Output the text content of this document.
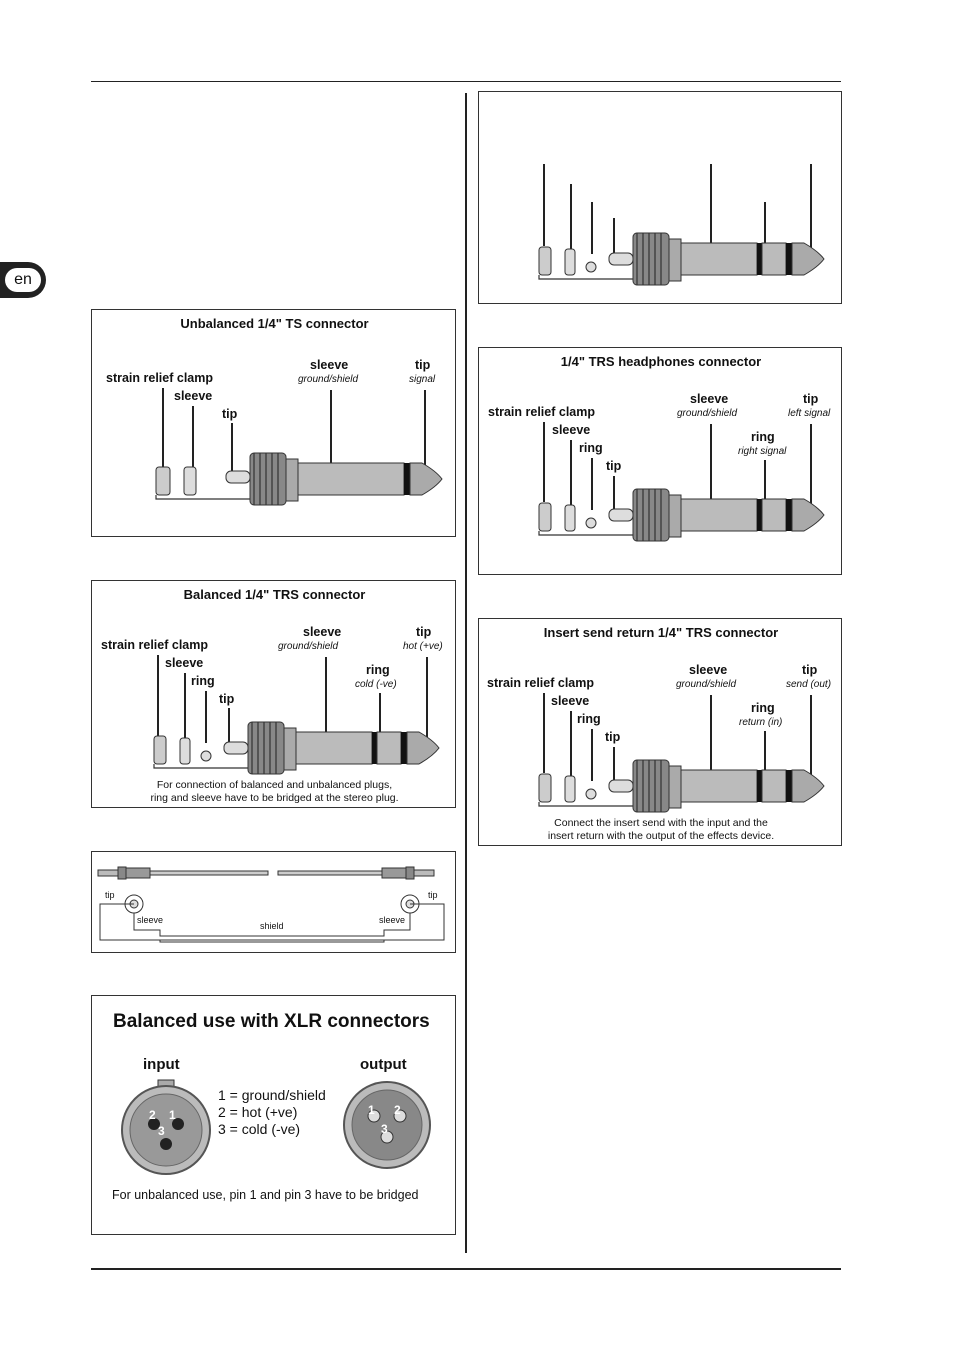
en
Unbalanced 1/4" TS connector
strain relief clamp
sleeve
tip
sleeve
ground/shield
tip
signal
Balanced 1/4" TRS connector
strain relief clamp
sleeve
ring
tip
sleeve
ground/shield
tip
hot (+ve)
ring
cold (-ve)
For connection of balanced and unbalanced plugs,
ring and sleeve have to be bridged at the stereo plug.
tip	tip
sleeve	sleeve
shield
Balanced use with XLR connectors
input	output
2 1
3
1 2
3
1 = ground/shield
2 = hot (+ve)
3 = cold (-ve)
For unbalanced use, pin 1 and pin 3 have to be bridged
1/4" TRS headphones connector
strain relief clamp
sleeve
ring
tip
sleeve
ground/shield
tip
left signal
ring
right signal
Insert send return 1/4" TRS connector
strain relief clamp
sleeve
ring
tip
sleeve
ground/shield
tip
send (out)
ring
return (in)
Connect the insert send with the input and the
insert return with the output of the effects device.
